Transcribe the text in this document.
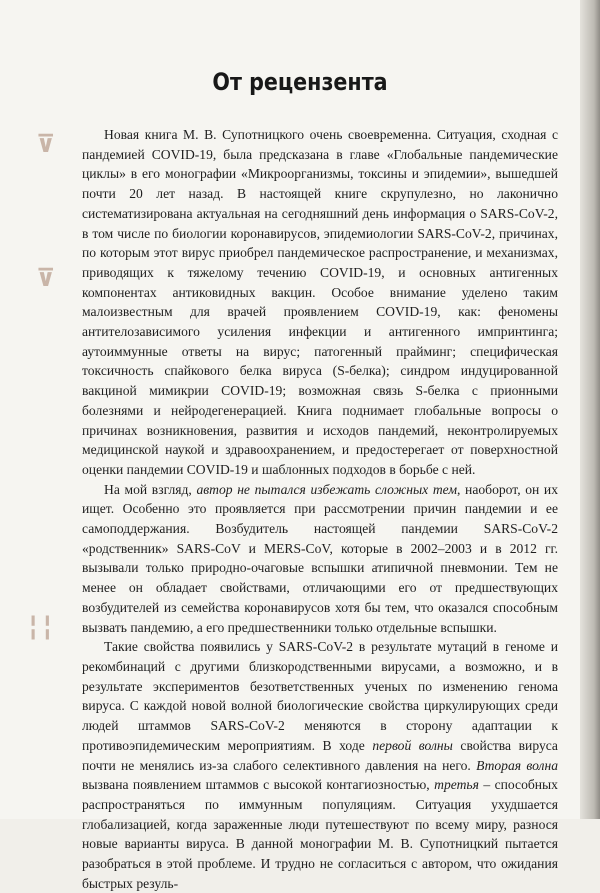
⊽
⊽
¦¦
От рецензента

Новая книга М. В. Супотницкого очень своевременна. Ситуация, сходная с пандемией COVID-19, была предсказана в главе «Глобальные пандемические циклы» в его монографии «Микроорганизмы, токсины и эпидемии», вышедшей почти 20 лет назад. В настоящей книге скрупулезно, но лаконично систематизирована актуальная на сегодняшний день информация о SARS-CoV-2, в том числе по биологии коронавирусов, эпидемиологии SARS-CoV-2, причинах, по которым этот вирус приобрел пандемическое распространение, и механизмах, приводящих к тяжелому течению COVID-19, и основных антигенных компонентах антиковидных вакцин. Особое внимание уделено таким малоизвестным для врачей проявлением COVID-19, как: феномены антителозависимого усиления инфекции и антигенного импринтинга; аутоиммунные ответы на вирус; патогенный прайминг; специфическая токсичность спайкового белка вируса (S-белка); синдром индуцированной вакциной мимикрии COVID-19; возможная связь S-белка с прионными болезнями и нейродегенерацией. Книга поднимает глобальные вопросы о причинах возникновения, развития и исходов пандемий, неконтролируемых медицинской наукой и здравоохранением, и предостерегает от поверхностной оценки пандемии COVID-19 и шаблонных подходов в борьбе с ней.

На мой взгляд, автор не пытался избежать сложных тем, наоборот, он их ищет. Особенно это проявляется при рассмотрении причин пандемии и ее самоподдержания. Возбудитель настоящей пандемии SARS-CoV-2 «родственник» SARS-CoV и MERS-CoV, которые в 2002–2003 и в 2012 гг. вызывали только природно-очаговые вспышки атипичной пневмонии. Тем не менее он обладает свойствами, отличающими его от предшествующих возбудителей из семейства коронавирусов хотя бы тем, что оказался способным вызвать пандемию, а его предшественники только отдельные вспышки.

Такие свойства появились у SARS-CoV-2 в результате мутаций в геноме и рекомбинаций с другими близкородственными вирусами, а возможно, и в результате экспериментов безответственных ученых по изменению генома вируса. С каждой новой волной биологические свойства циркулирующих среди людей штаммов SARS-CoV-2 меняются в сторону адаптации к противоэпидемическим мероприятиям. В ходе первой волны свойства вируса почти не менялись из-за слабого селективного давления на него. Вторая волна вызвана появлением штаммов с высокой контагиозностью, третья – способных распространяться по иммунным популяциям. Ситуация ухудшается глобализацией, когда зараженные люди путешествуют по всему миру, разнося новые варианты вируса. В данной монографии М. В. Супотницкий пытается разобраться в этой проблеме. И трудно не согласиться с автором, что ожидания быстрых резуль-
